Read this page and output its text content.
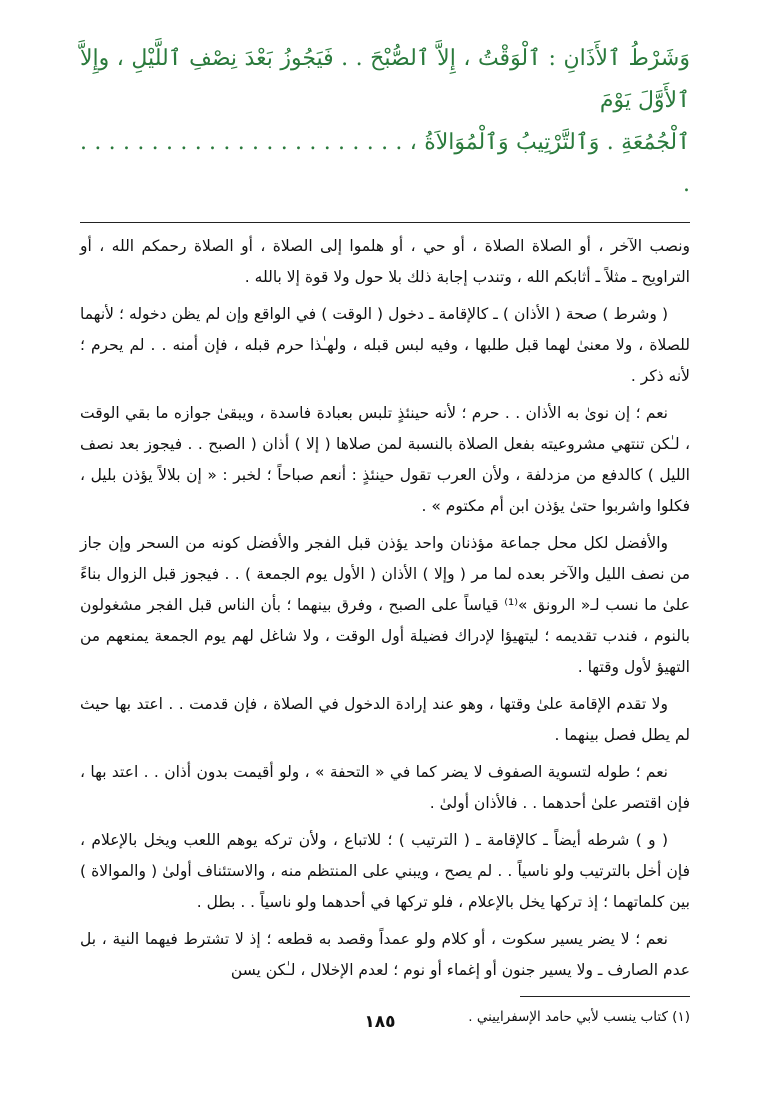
وَشَرْطُ ٱلأَذَانِ : ٱلْوَقْتُ ، إِلاَّ ٱلصُّبْحَ . . فَيَجُوزُ بَعْدَ نِصْفِ ٱللَّيْلِ ، وإِلاَّ ٱلأَوَّلَ يَوْمَ

ٱلْجُمُعَةِ . وَٱلتَّرْتِيبُ وَٱلْمُوَالاَةُ ، . . . . . . . . . . . . . . . . . . . . . . . .

ونصب الآخر ، أو الصلاة الصلاة ، أو حي ، أو هلموا إلى الصلاة ، أو الصلاة رحمكم الله ، أو التراويح ـ مثلاً ـ أثابكم الله ، وتندب إجابة ذلك بلا حول ولا قوة إلا بالله .

( وشرط ) صحة ( الأذان ) ـ كالإقامة ـ دخول ( الوقت ) في الواقع وإن لم يظن دخوله ؛ لأنهما للصلاة ، ولا معنىٰ لهما قبل طلبها ، وفيه لبس قبله ، ولهـٰذا حرم قبله ، فإن أمنه . . لم يحرم ؛ لأنه ذكر .

نعم ؛ إن نوىٰ به الأذان . . حرم ؛ لأنه حينئذٍ تلبس بعبادة فاسدة ، ويبقىٰ جوازه ما بقي الوقت ، لـٰكن تنتهي مشروعيته بفعل الصلاة بالنسبة لمن صلاها ( إلا ) أذان ( الصبح . . فيجوز بعد نصف الليل ) كالدفع من مزدلفة ، ولأن العرب تقول حينئذٍ : أنعم صباحاً ؛ لخبر : « إن بلالاً يؤذن بليل ، فكلوا واشربوا حتىٰ يؤذن ابن أم مكتوم » .

والأفضل لكل محل جماعة مؤذنان واحد يؤذن قبل الفجر والأفضل كونه من السحر وإن جاز من نصف الليل والآخر بعده لما مر ( وإلا ) الأذان ( الأول يوم الجمعة ) . . فيجوز قبل الزوال بناءً علىٰ ما نسب لـ« الرونق »⁽¹⁾ قياساً على الصبح ، وفرق بينهما ؛ بأن الناس قبل الفجر مشغولون بالنوم ، فندب تقديمه ؛ ليتهيؤا لإدراك فضيلة أول الوقت ، ولا شاغل لهم يوم الجمعة يمنعهم من التهيؤ لأول وقتها .

ولا تقدم الإقامة علىٰ وقتها ، وهو عند إرادة الدخول في الصلاة ، فإن قدمت . . اعتد بها حيث لم يطل فصل بينهما .

نعم ؛ طوله لتسوية الصفوف لا يضر كما في « التحفة » ، ولو أقيمت بدون أذان . . اعتد بها ، فإن اقتصر علىٰ أحدهما . . فالأذان أولىٰ .

( و ) شرطه أيضاً ـ كالإقامة ـ ( الترتيب ) ؛ للاتباع ، ولأن تركه يوهم اللعب ويخل بالإعلام ، فإن أخل بالترتيب ولو ناسياً . . لم يصح ، ويبني على المنتظم منه ، والاستئناف أولىٰ ( والموالاة ) بين كلماتهما ؛ إذ تركها يخل بالإعلام ، فلو تركها في أحدهما ولو ناسياً . . بطل .

نعم ؛ لا يضر يسير سكوت ، أو كلام ولو عمداً وقصد به قطعه ؛ إذ لا تشترط فيهما النية ، بل عدم الصارف ـ ولا يسير جنون أو إغماء أو نوم ؛ لعدم الإخلال ، لـٰكن يسن

(١) كتاب ينسب لأبي حامد الإسفراييني .

١٨٥
